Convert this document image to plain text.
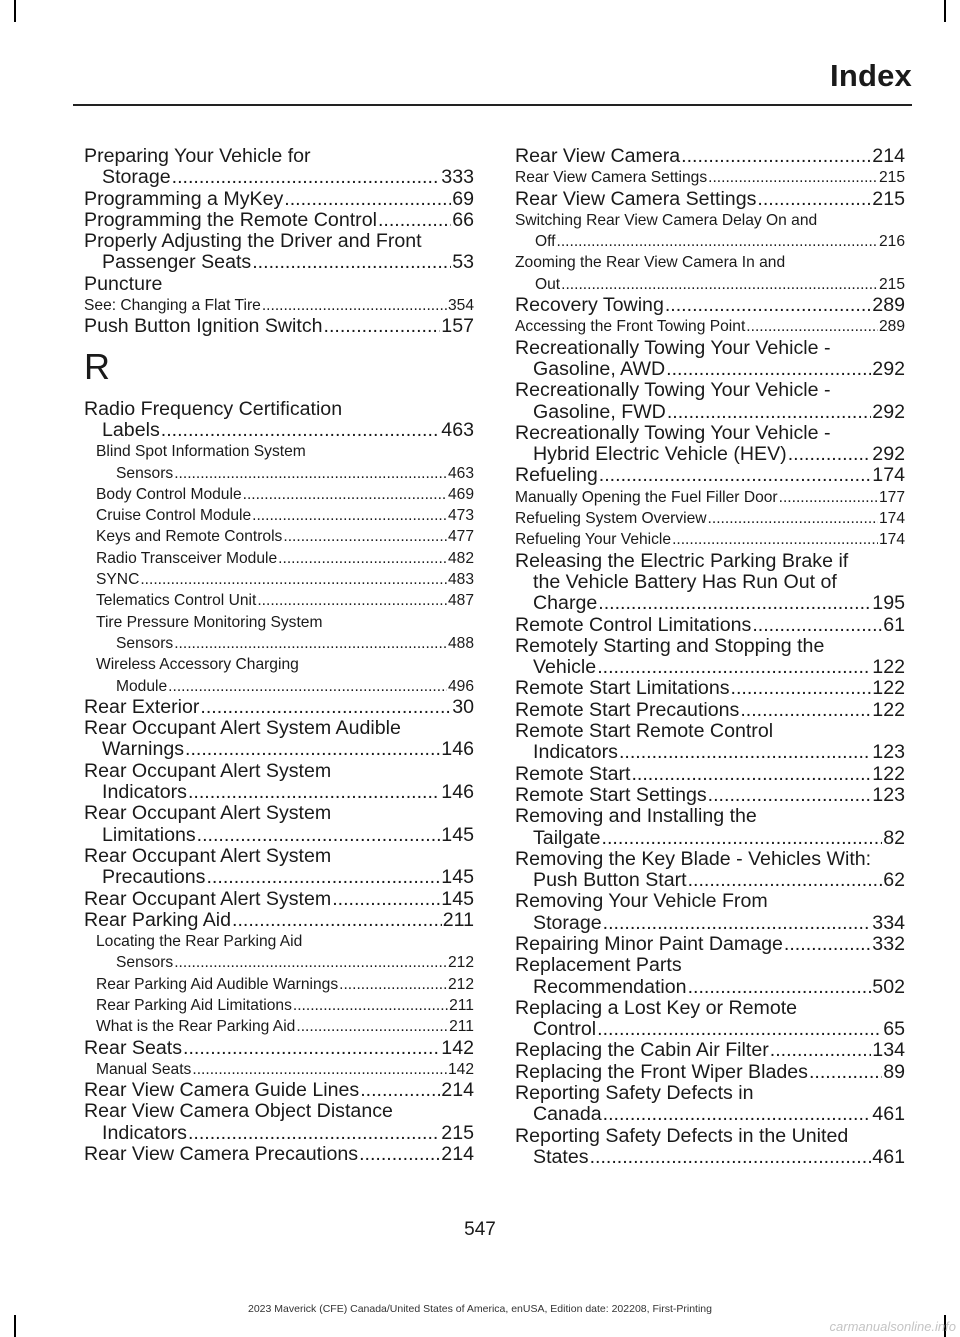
Index
Preparing Your Vehicle for
Storage .....	333
Programming a MyKey .....	69
Programming the Remote Control .....	66
Properly Adjusting the Driver and Front
Passenger Seats .....	53
Puncture
See: Changing a Flat Tire .....	354
Push Button Ignition Switch .....	157
R
Radio Frequency Certification
Labels .....	463
Blind Spot Information System
Sensors .....	463
Body Control Module .....	469
Cruise Control Module .....	473
Keys and Remote Controls .....	477
Radio Transceiver Module .....	482
SYNC .....	483
Telematics Control Unit .....	487
Tire Pressure Monitoring System
Sensors .....	488
Wireless Accessory Charging
Module .....	496
Rear Exterior .....	30
Rear Occupant Alert System Audible
Warnings .....	146
Rear Occupant Alert System
Indicators .....	146
Rear Occupant Alert System
Limitations .....	145
Rear Occupant Alert System
Precautions .....	145
Rear Occupant Alert System .....	145
Rear Parking Aid .....	211
Locating the Rear Parking Aid
Sensors .....	212
Rear Parking Aid Audible Warnings .....	212
Rear Parking Aid Limitations .....	211
What is the Rear Parking Aid .....	211
Rear Seats .....	142
Manual Seats .....	142
Rear View Camera Guide Lines .....	214
Rear View Camera Object Distance
Indicators .....	215
Rear View Camera Precautions .....	214
Rear View Camera .....	214
Rear View Camera Settings .....	215
Rear View Camera Settings .....	215
Switching Rear View Camera Delay On and
Off .....	216
Zooming the Rear View Camera In and
Out .....	215
Recovery Towing .....	289
Accessing the Front Towing Point .....	289
Recreationally Towing Your Vehicle -
Gasoline, AWD .....	292
Recreationally Towing Your Vehicle -
Gasoline, FWD .....	292
Recreationally Towing Your Vehicle -
Hybrid Electric Vehicle (HEV) .....	292
Refueling .....	174
Manually Opening the Fuel Filler Door .....	177
Refueling System Overview .....	174
Refueling Your Vehicle .....	174
Releasing the Electric Parking Brake if
the Vehicle Battery Has Run Out of
Charge .....	195
Remote Control Limitations .....	61
Remotely Starting and Stopping the
Vehicle .....	122
Remote Start Limitations .....	122
Remote Start Precautions .....	122
Remote Start Remote Control
Indicators .....	123
Remote Start .....	122
Remote Start Settings .....	123
Removing and Installing the
Tailgate .....	82
Removing the Key Blade - Vehicles With:
Push Button Start .....	62
Removing Your Vehicle From
Storage .....	334
Repairing Minor Paint Damage .....	332
Replacement Parts
Recommendation .....	502
Replacing a Lost Key or Remote
Control .....	65
Replacing the Cabin Air Filter .....	134
Replacing the Front Wiper Blades .....	89
Reporting Safety Defects in
Canada .....	461
Reporting Safety Defects in the United
States .....	461
547
2023 Maverick (CFE) Canada/United States of America, enUSA, Edition date: 202208, First-Printing
carmanualsonline.info
